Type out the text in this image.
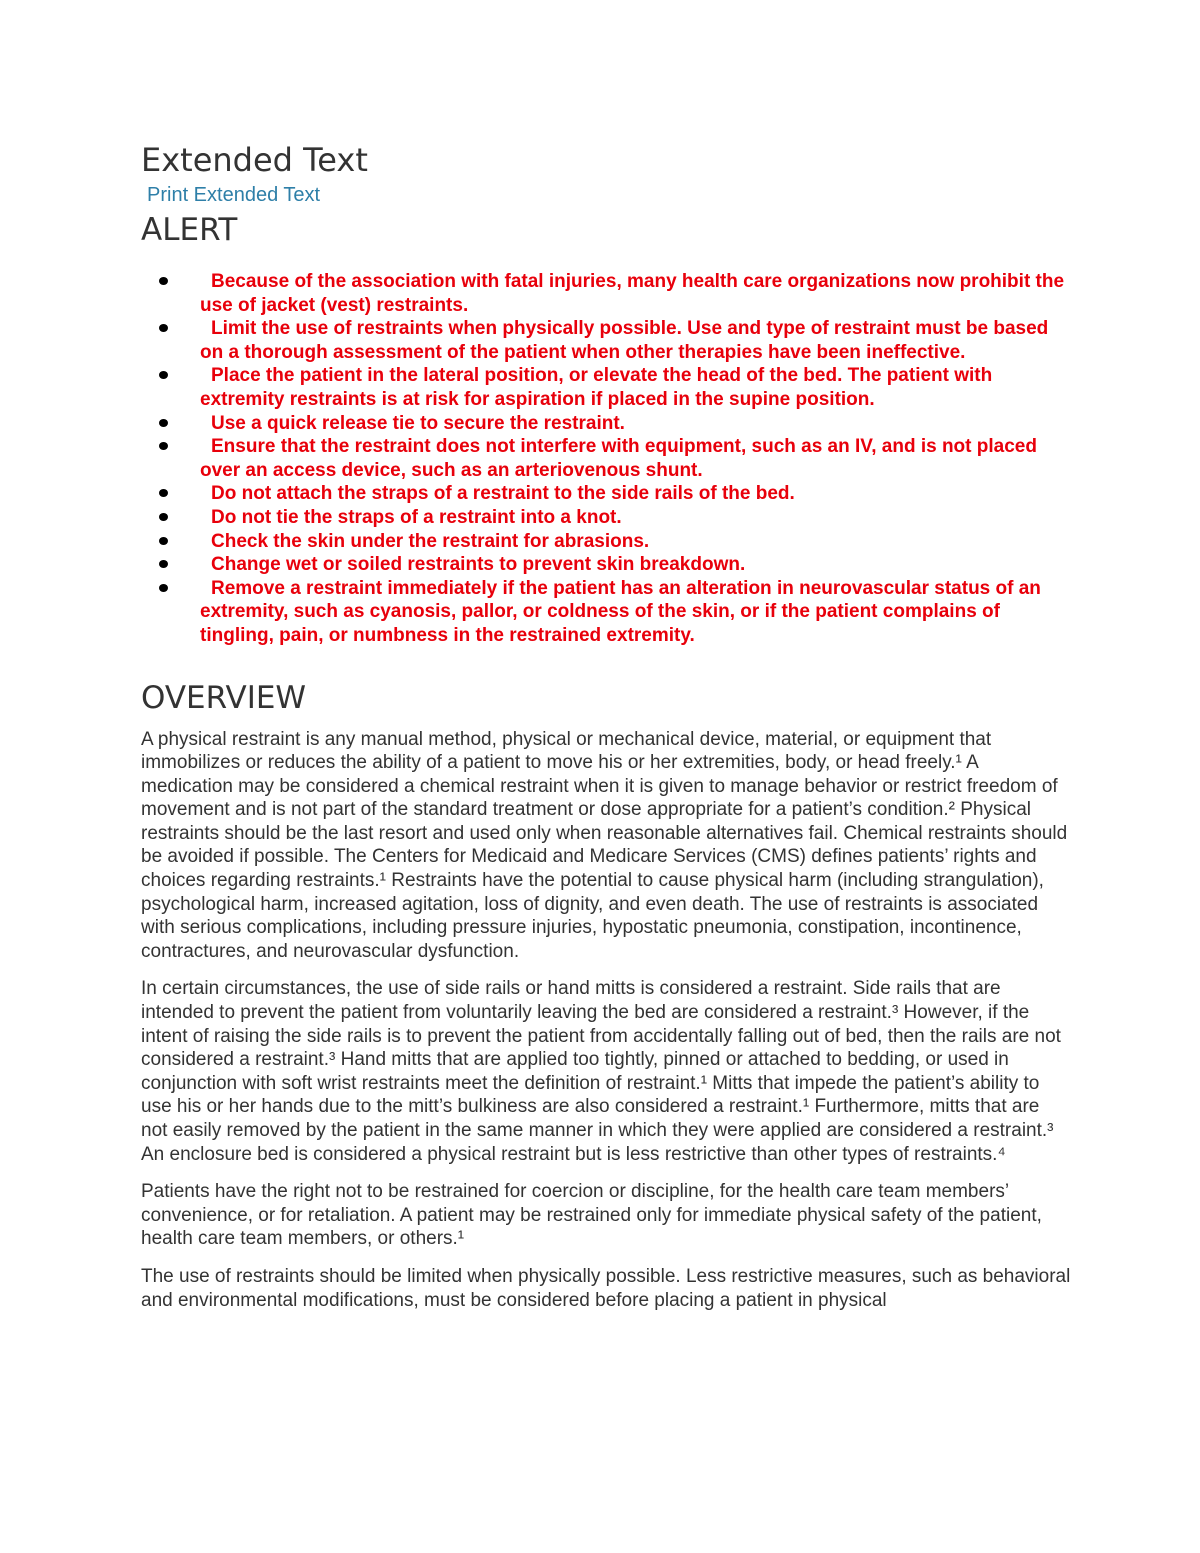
Extended Text
Print Extended Text
ALERT
Because of the association with fatal injuries, many health care organizations now prohibit the use of jacket (vest) restraints.
Limit the use of restraints when physically possible. Use and type of restraint must be based on a thorough assessment of the patient when other therapies have been ineffective.
Place the patient in the lateral position, or elevate the head of the bed. The patient with extremity restraints is at risk for aspiration if placed in the supine position.
Use a quick release tie to secure the restraint.
Ensure that the restraint does not interfere with equipment, such as an IV, and is not placed over an access device, such as an arteriovenous shunt.
Do not attach the straps of a restraint to the side rails of the bed.
Do not tie the straps of a restraint into a knot.
Check the skin under the restraint for abrasions.
Change wet or soiled restraints to prevent skin breakdown.
Remove a restraint immediately if the patient has an alteration in neurovascular status of an extremity, such as cyanosis, pallor, or coldness of the skin, or if the patient complains of tingling, pain, or numbness in the restrained extremity.
OVERVIEW

A physical restraint is any manual method, physical or mechanical device, material, or equipment that immobilizes or reduces the ability of a patient to move his or her extremities, body, or head freely.¹ A medication may be considered a chemical restraint when it is given to manage behavior or restrict freedom of movement and is not part of the standard treatment or dose appropriate for a patient’s condition.² Physical restraints should be the last resort and used only when reasonable alternatives fail. Chemical restraints should be avoided if possible. The Centers for Medicaid and Medicare Services (CMS) defines patients’ rights and choices regarding restraints.¹ Restraints have the potential to cause physical harm (including strangulation), psychological harm, increased agitation, loss of dignity, and even death. The use of restraints is associated with serious complications, including pressure injuries, hypostatic pneumonia, constipation, incontinence, contractures, and neurovascular dysfunction.

In certain circumstances, the use of side rails or hand mitts is considered a restraint. Side rails that are intended to prevent the patient from voluntarily leaving the bed are considered a restraint.³ However, if the intent of raising the side rails is to prevent the patient from accidentally falling out of bed, then the rails are not considered a restraint.³ Hand mitts that are applied too tightly, pinned or attached to bedding, or used in conjunction with soft wrist restraints meet the definition of restraint.¹ Mitts that impede the patient’s ability to use his or her hands due to the mitt’s bulkiness are also considered a restraint.¹ Furthermore, mitts that are not easily removed by the patient in the same manner in which they were applied are considered a restraint.³ An enclosure bed is considered a physical restraint but is less restrictive than other types of restraints.⁴

Patients have the right not to be restrained for coercion or discipline, for the health care team members’ convenience, or for retaliation. A patient may be restrained only for immediate physical safety of the patient, health care team members, or others.¹

The use of restraints should be limited when physically possible. Less restrictive measures, such as behavioral and environmental modifications, must be considered before placing a patient in physical
